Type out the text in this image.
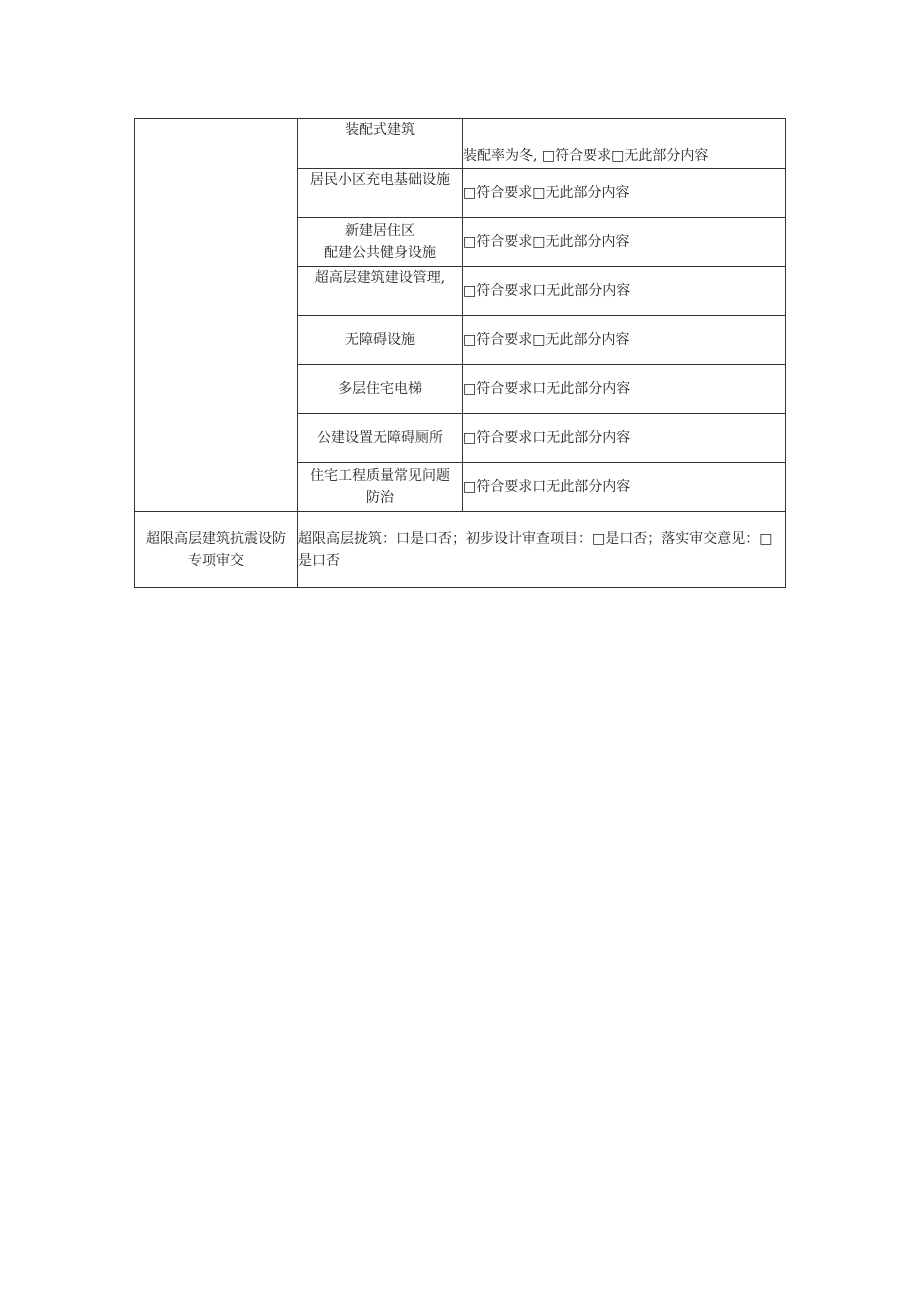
	装配式建筑	装配率为冬, □符合要求□无此部分内容
	居民小区充电基础设施	□符合要求□无此部分内容

	新建居住区
配建公共健身设施	□符合要求□无此部分内容
	超高层建筑建设管理,	□符合要求口无此部分内容
	无障碍设施	□符合要求□无此部分内容
	多层住宅电梯	□符合要求口无此部分内容
	公建设置无障碍厕所	□符合要求口无此部分内容

	住宅工程质量常见问题
防治	□符合要求口无此部分内容

超限高层建筑抗震设防
专项审交	超限高层拢筑：口是口否；初步设计审查项目：□是口否；落实审交意见：□是口否	
